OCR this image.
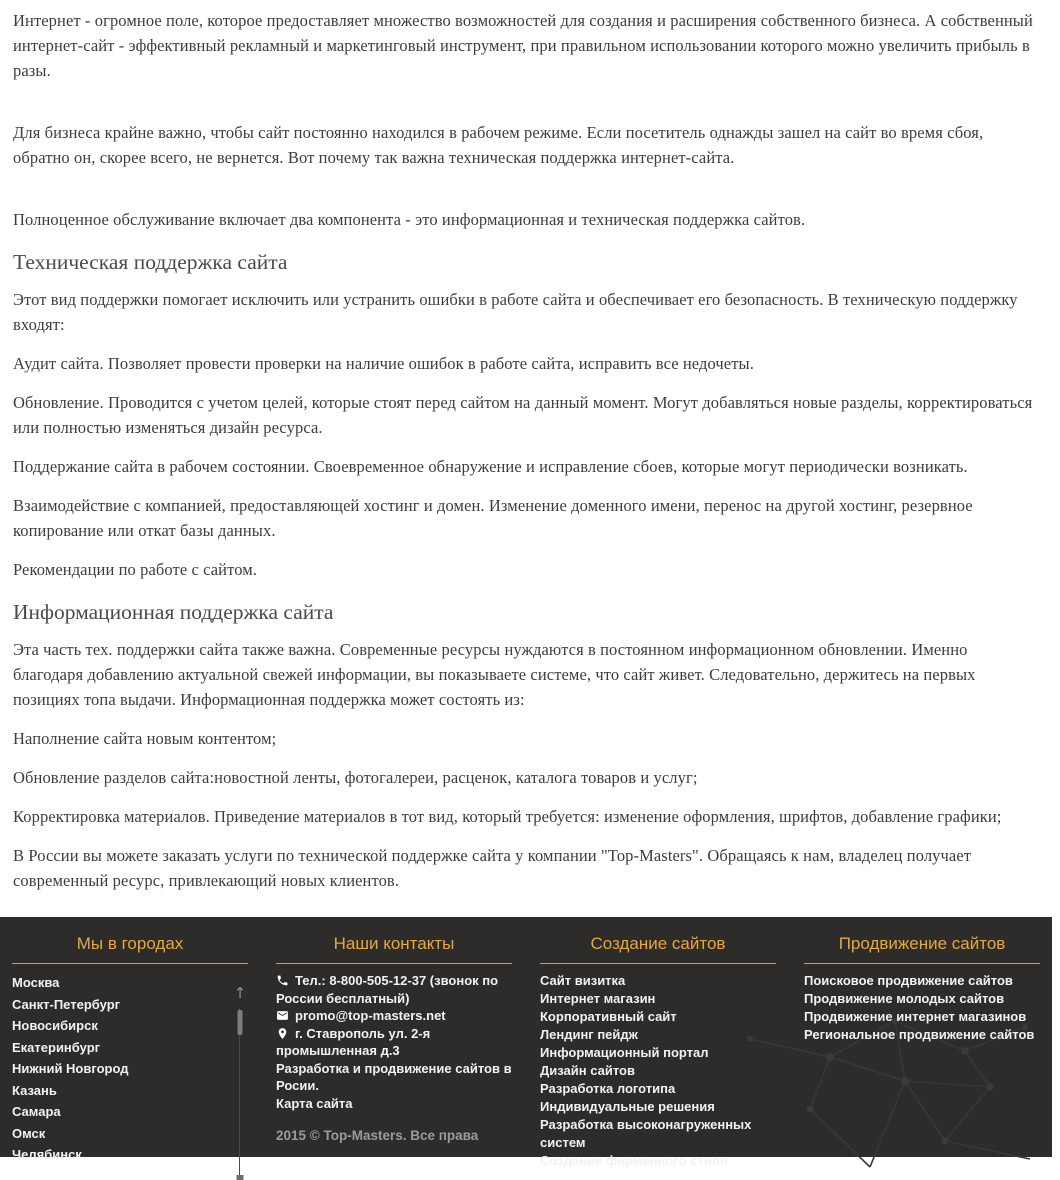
Интернет - огромное поле, которое предоставляет множество возможностей для создания и расширения собственного бизнеса. А собственный интернет-сайт - эффективный рекламный и маркетинговый инструмент, при правильном использовании которого можно увеличить прибыль в разы.

Для бизнеса крайне важно, чтобы сайт постоянно находился в рабочем режиме. Если посетитель однажды зашел на сайт во время сбоя, обратно он, скорее всего, не вернется. Вот почему так важна техническая поддержка интернет-сайта.

Полноценное обслуживание включает два компонента - это информационная и техническая поддержка сайтов.

Техническая поддержка сайта

Этот вид поддержки помогает исключить или устранить ошибки в работе сайта и обеспечивает его безопасность. В техническую поддержку входят:

Аудит сайта. Позволяет провести проверки на наличие ошибок в работе сайта, исправить все недочеты.

Обновление. Проводится с учетом целей, которые стоят перед сайтом на данный момент. Могут добавляться новые разделы, корректироваться или полностью изменяться дизайн ресурса.

Поддержание сайта в рабочем состоянии. Своевременное обнаружение и исправление сбоев, которые могут периодически возникать.

Взаимодействие с компанией, предоставляющей хостинг и домен. Изменение доменного имени, перенос на другой хостинг, резервное копирование или откат базы данных.

Рекомендации по работе с сайтом.

Информационная поддержка сайта

Эта часть тех. поддержки сайта также важна. Современные ресурсы нуждаются в постоянном информационном обновлении. Именно благодаря добавлению актуальной свежей информации, вы показываете системе, что сайт живет. Следовательно, держитесь на первых позициях топа выдачи. Информационная поддержка может состоять из:

Наполнение сайта новым контентом;

Обновление разделов сайта:новостной ленты, фотогалереи, расценок, каталога товаров и услуг;

Корректировка материалов. Приведение материалов в тот вид, который требуется: изменение оформления, шрифтов, добавление графики;

В России вы можете заказать услуги по технической поддержке сайта у компании "Top-Masters". Обращаясь к нам, владелец получает современный ресурс, привлекающий новых клиентов.

Мы в городах
Москва
Санкт-Петербург
Новосибирск
Екатеринбург
Нижний Новгород
Казань
Самара
Омск
Челябинск
↑
Наши контакты
Тел.: 8-800-505-12-37 (звонок по России бесплатный)
promo@top-masters.net
г. Ставрополь ул. 2-я промышленная д.3
Разработка и продвижение сайтов в Росии.
Карта сайта

2015 © Top-Masters. Все права

Создание сайтов
Сайт визитка
Интернет магазин
Корпоративный сайт
Лендинг пейдж
Информационный портал
Дизайн сайтов
Разработка логотипа
Индивидуальные решения
Разработка высоконагруженных систем
Создание фирменного стиля
Продвижение сайтов
Поисковое продвижение сайтов
Продвижение молодых сайтов
Продвижение интернет магазинов
Региональное продвижение сайтов
